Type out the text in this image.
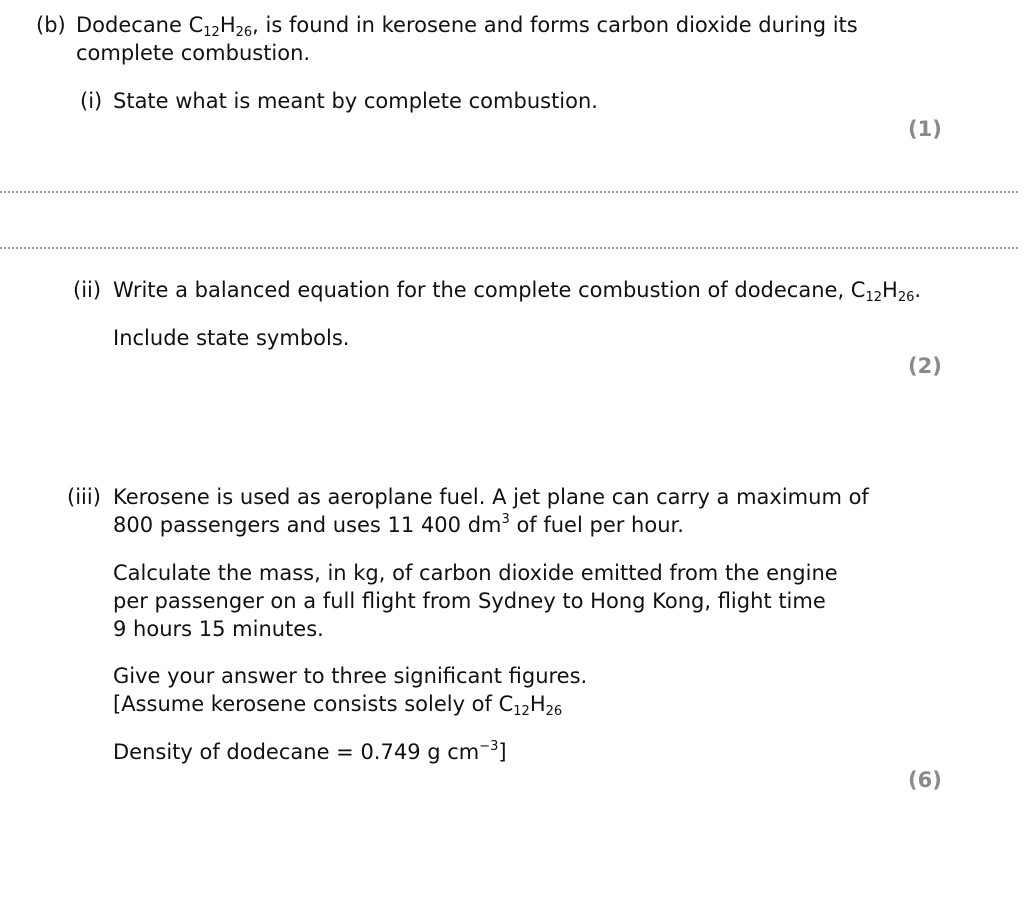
(b) Dodecane $C_{12}H_{26}$, is found in kerosene and forms carbon dioxide during its
complete combustion.
(i) State what is meant by complete combustion.
(1)
(ii) Write a balanced equation for the complete combustion of dodecane, $C_{12}H_{26}$.
Include state symbols.
(2)
(iii) Kerosene is used as aeroplane fuel. A jet plane can carry a maximum of
800 passengers and uses 11 400 $dm^3$ of fuel per hour.
Calculate the mass, in kg, of carbon dioxide emitted from the engine
per passenger on a full flight from Sydney to Hong Kong, flight time
9 hours 15 minutes.
Give your answer to three significant figures.
[Assume kerosene consists solely of $C_{12}H_{26}$
Density of dodecane = 0.749 g $cm^{-3}$]
(6)
